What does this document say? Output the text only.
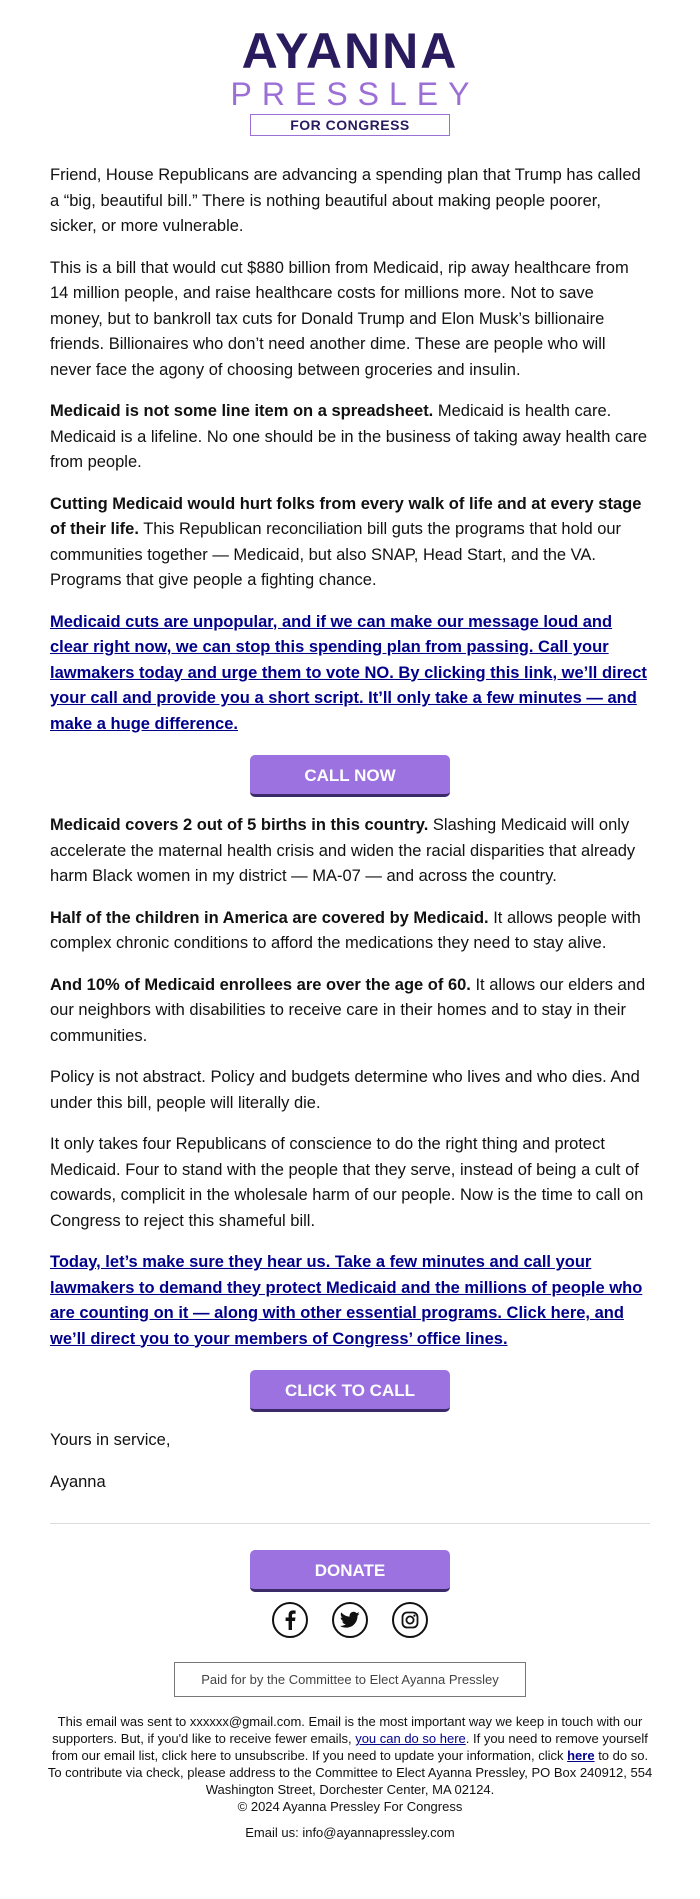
AYANNA
PRESSLEY
FOR CONGRESS

Friend, House Republicans are advancing a spending plan that Trump has called a “big, beautiful bill.” There is nothing beautiful about making people poorer, sicker, or more vulnerable.

This is a bill that would cut $880 billion from Medicaid, rip away healthcare from 14 million people, and raise healthcare costs for millions more. Not to save money, but to bankroll tax cuts for Donald Trump and Elon Musk’s billionaire friends. Billionaires who don’t need another dime. These are people who will never face the agony of choosing between groceries and insulin.

Medicaid is not some line item on a spreadsheet. Medicaid is health care. Medicaid is a lifeline. No one should be in the business of taking away health care from people.

Cutting Medicaid would hurt folks from every walk of life and at every stage of their life. This Republican reconciliation bill guts the programs that hold our communities together — Medicaid, but also SNAP, Head Start, and the VA. Programs that give people a fighting chance.

Medicaid cuts are unpopular, and if we can make our message loud and clear right now, we can stop this spending plan from passing. Call your lawmakers today and urge them to vote NO. By clicking this link, we’ll direct your call and provide you a short script. It’ll only take a few minutes — and make a huge difference.
CALL NOW

Medicaid covers 2 out of 5 births in this country. Slashing Medicaid will only accelerate the maternal health crisis and widen the racial disparities that already harm Black women in my district — MA-07 — and across the country.

Half of the children in America are covered by Medicaid. It allows people with complex chronic conditions to afford the medications they need to stay alive.

And 10% of Medicaid enrollees are over the age of 60. It allows our elders and our neighbors with disabilities to receive care in their homes and to stay in their communities.

Policy is not abstract. Policy and budgets determine who lives and who dies. And under this bill, people will literally die.

It only takes four Republicans of conscience to do the right thing and protect Medicaid. Four to stand with the people that they serve, instead of being a cult of cowards, complicit in the wholesale harm of our people. Now is the time to call on Congress to reject this shameful bill.

Today, let’s make sure they hear us. Take a few minutes and call your lawmakers to demand they protect Medicaid and the millions of people who are counting on it — along with other essential programs. Click here, and we’ll direct you to your members of Congress’ office lines.
CLICK TO CALL

Yours in service,

Ayanna

DONATE

Paid for by the Committee to Elect Ayanna Pressley
This email was sent to xxxxxx@gmail.com. Email is the most important way we keep in touch with our supporters. But, if you'd like to receive fewer emails, you can do so here. If you need to remove yourself from our email list, click here to unsubscribe. If you need to update your information, click here to do so. To contribute via check, please address to the Committee to Elect Ayanna Pressley, PO Box 240912, 554 Washington Street, Dorchester Center, MA 02124.
© 2024 Ayanna Pressley For Congress
Email us: info@ayannapressley.com
